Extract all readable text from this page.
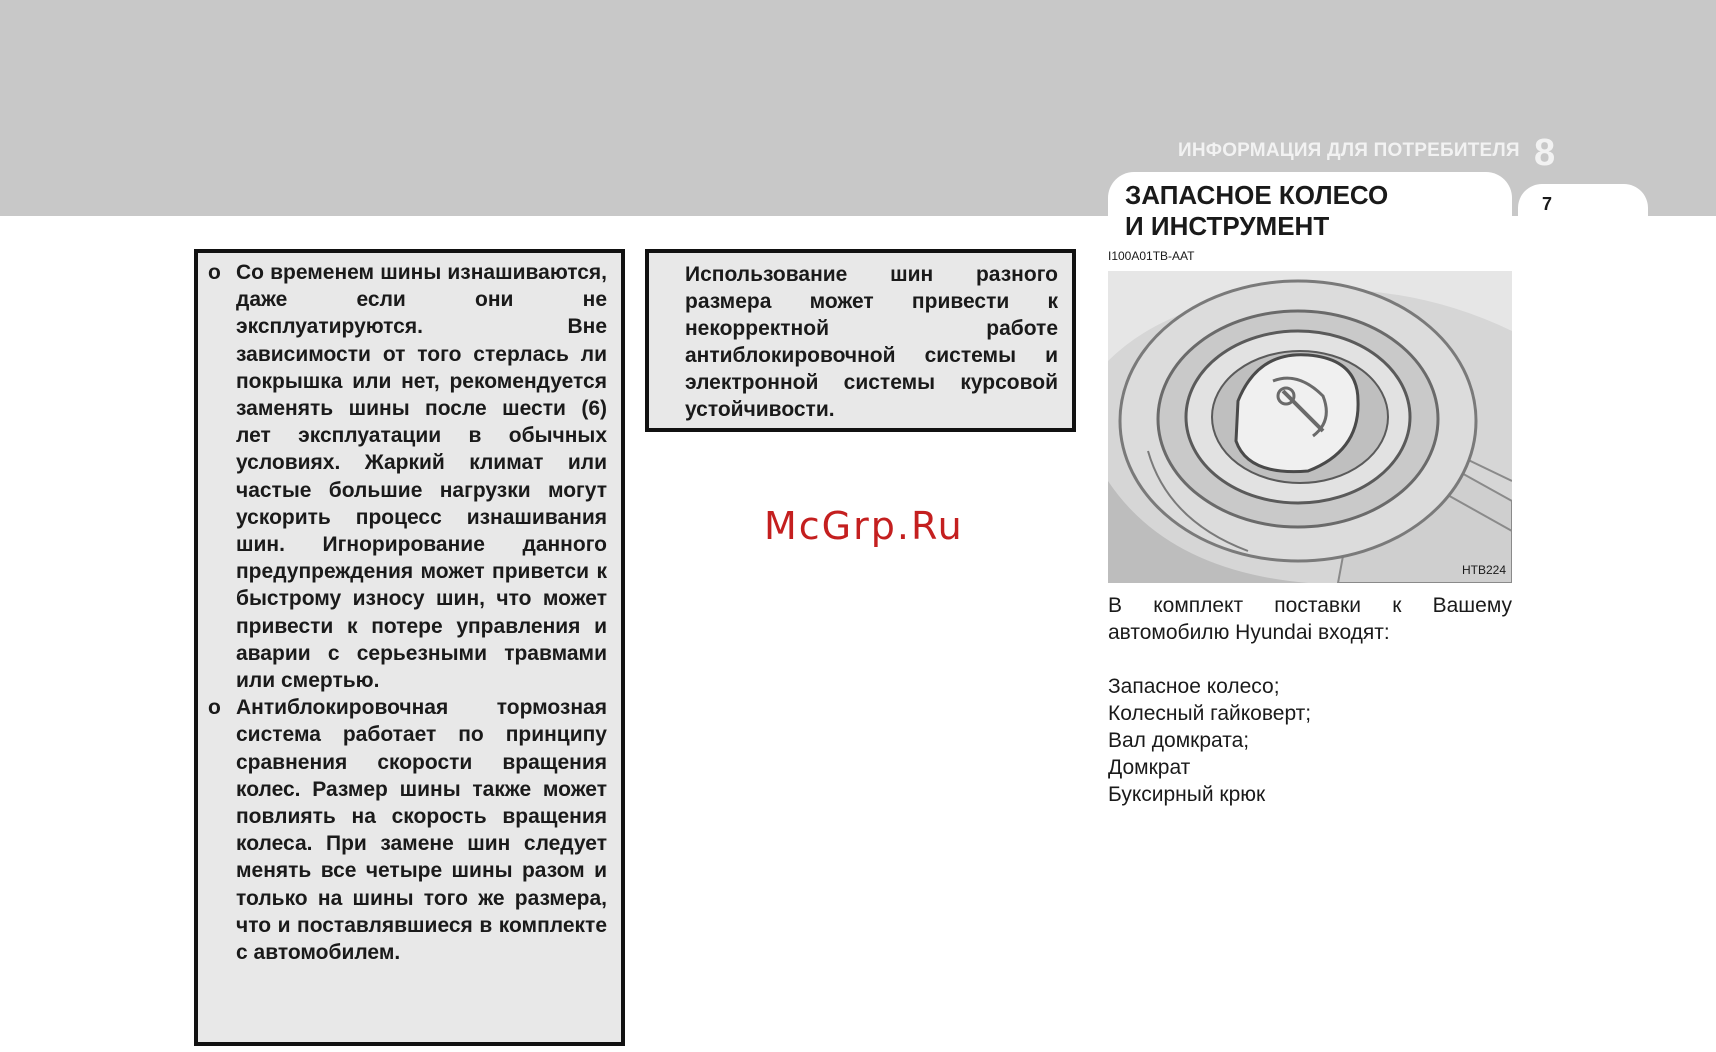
ИНФОРМАЦИЯ ДЛЯ ПОТРЕБИТЕЛЯ 8
7
ЗАПАСНОЕ КОЛЕСО
И ИНСТРУМЕНТ
I100A01TB-AAT
o Со временем шины изнашиваются, даже если они не эксплуатируются. Вне зависимости от того стерлась ли покрышка или нет, рекомендуется заменять шины после шести (6) лет эксплуатации в обычных условиях. Жаркий климат или частые большие нагрузки могут ускорить процесс изнашивания шин. Игнорирование данного предупреждения может приветси к быстрому износу шин, что может привести к потере управления и аварии с серьезными травмами или смертью.
o Антиблокировочная тормозная система работает по принципу сравнения скорости вращения колес. Размер шины также может повлиять на скорость вращения колеса. При замене шин следует менять все четыре шины разом и только на шины того же размера, что и поставлявшиеся в комплекте с автомобилем.
Использование шин разного размера может привести к некорректной работе антиблокировочной системы и электронной системы курсовой устойчивости.
McGrp.Ru
HTB224
В комплект поставки к Вашему автомобилю Hyundai входят:
Запасное колесо;
Колесный гайковерт;
Вал домкрата;
Домкрат
Буксирный крюк
